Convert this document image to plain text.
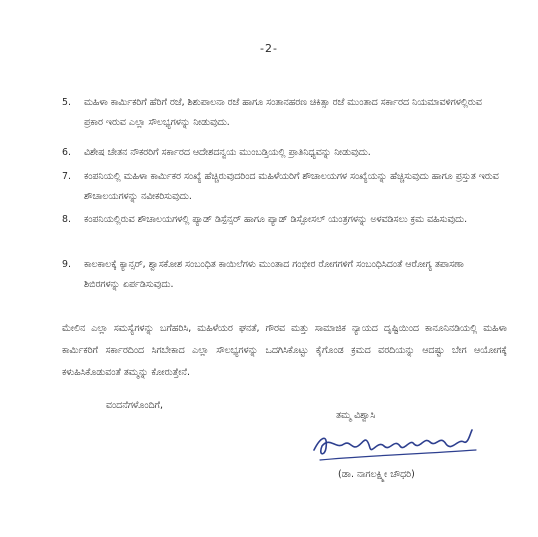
-2-
5.	ಮಹಿಳಾ ಕಾರ್ಮಿಕರಿಗೆ ಹೆರಿಗೆ ರಜೆ, ಶಿಶುಪಾಲನಾ ರಜೆ ಹಾಗೂ ಸಂತಾನಹರಣ ಚಿಕಿತ್ಸಾ ರಜೆ ಮುಂತಾದ ಸರ್ಕಾರದ ನಿಯಮಾವಳಿಗಳಲ್ಲಿರುವ ಪ್ರಕಾರ ಇರುವ ಎಲ್ಲಾ ಸೌಲಭ್ಯಗಳನ್ನು ನೀಡುವುದು.
6.	ವಿಶೇಷ ಚೇತನ ನೌಕರರಿಗೆ ಸರ್ಕಾರದ ಆದೇಶದನ್ವಯ ಮುಂಬಡ್ತಿಯಲ್ಲಿ ಪ್ರಾತಿನಿಧ್ಯವನ್ನು ನೀಡುವುದು.
7.	ಕಂಪನಿಯಲ್ಲಿ ಮಹಿಳಾ ಕಾರ್ಮಿಕರ ಸಂಖ್ಯೆ ಹೆಚ್ಚಿರುವುದರಿಂದ ಮಹಿಳೆಯರಿಗೆ ಶೌಚಾಲಯಗಳ ಸಂಖ್ಯೆಯನ್ನು ಹೆಚ್ಚಿಸುವುದು ಹಾಗೂ ಪ್ರಸ್ತುತ ಇರುವ ಶೌಚಾಲಯಗಳನ್ನು ನವೀಕರಿಸುವುದು.
8.	ಕಂಪನಿಯಲ್ಲಿರುವ ಶೌಚಾಲಯಗಳಲ್ಲಿ ಪ್ಯಾಡ್ ಡಿಸ್ಪೆನ್ಸರ್ ಹಾಗೂ ಪ್ಯಾಡ್ ಡಿಸ್ಪೋಸಲ್ ಯಂತ್ರಗಳನ್ನು ಅಳವಡಿಸಲು ಕ್ರಮ ವಹಿಸುವುದು.
9.	ಕಾಲಕಾಲಕ್ಕೆ ಕ್ಯಾನ್ಸರ್, ಶ್ವಾಸಕೋಶ ಸಂಬಂಧಿತ ಕಾಯಿಲೆಗಳು ಮುಂತಾದ ಗಂಭೀರ ರೋಗಗಳಿಗೆ ಸಂಬಂಧಿಸಿದಂತೆ ಆರೋಗ್ಯ ತಪಾಸಣಾ ಶಿಬಿರಗಳನ್ನು ಏರ್ಪಡಿಸುವುದು.
ಮೇಲಿನ ಎಲ್ಲಾ ಸಮಸ್ಯೆಗಳನ್ನು ಬಗೆಹರಿಸಿ, ಮಹಿಳೆಯರ ಘನತೆ, ಗೌರವ ಮತ್ತು ಸಾಮಾಜಿಕ ನ್ಯಾಯದ ದೃಷ್ಟಿಯಿಂದ ಕಾನೂನಿನಡಿಯಲ್ಲಿ ಮಹಿಳಾ ಕಾರ್ಮಿಕರಿಗೆ ಸರ್ಕಾರದಿಂದ ಸಿಗಬೇಕಾದ ಎಲ್ಲಾ ಸೌಲಭ್ಯಗಳನ್ನು ಒದಗಿಸಿಕೊಟ್ಟು ಕೈಗೊಂಡ ಕ್ರಮದ ವರದಿಯನ್ನು ಆದಷ್ಟು ಬೇಗ ಆಯೋಗಕ್ಕೆ ಕಳುಹಿಸಿಕೊಡುವಂತೆ ತಮ್ಮನ್ನು ಕೋರುತ್ತೇನೆ.
ವಂದನೆಗಳೊಂದಿಗೆ,
ತಮ್ಮ ವಿಶ್ವಾಸಿ
(ಡಾ. ನಾಗಲಕ್ಷ್ಮೀ ಚೌಧರಿ)
